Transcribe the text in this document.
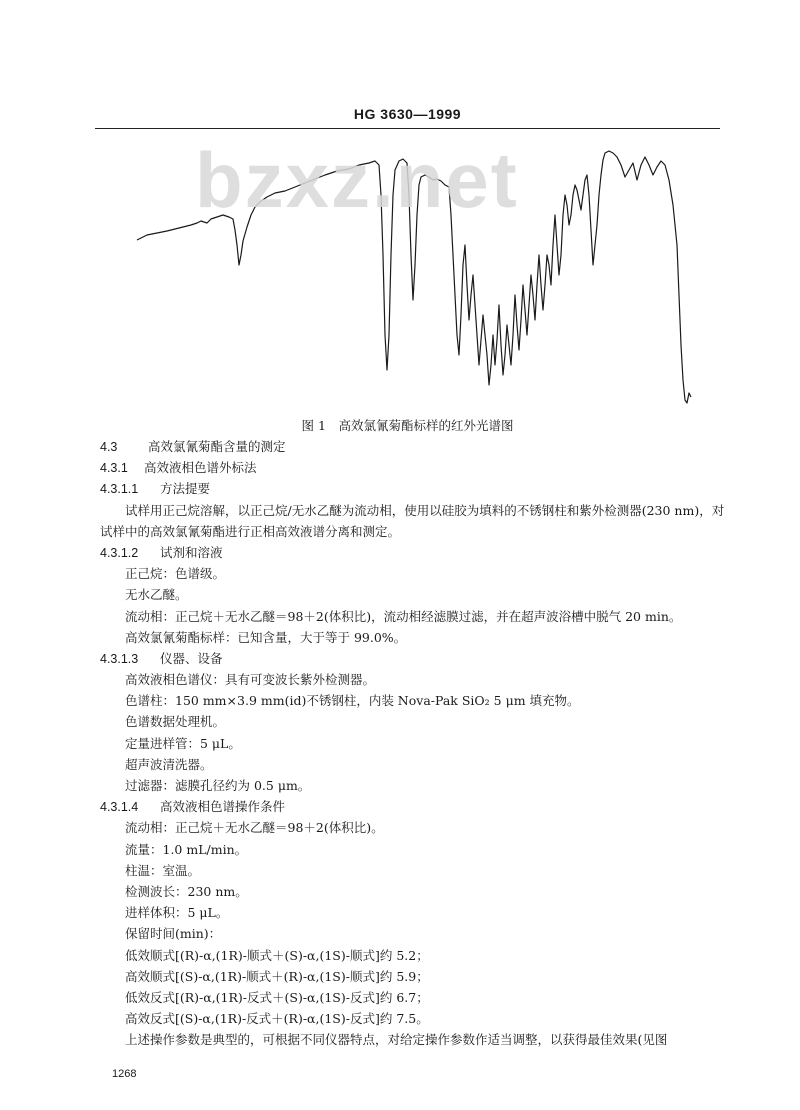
HG 3630—1999
bzxz.net
图 1　高效氯氰菊酯标样的红外光谱图
4.3 高效氯氰菊酯含量的测定
4.3.1 高效液相色谱外标法
4.3.1.1 方法提要
试样用正己烷溶解，以正己烷/无水乙醚为流动相，使用以硅胶为填料的不锈钢柱和紫外检测器(230 nm)，对试样中的高效氯氰菊酯进行正相高效液谱分离和测定。
4.3.1.2 试剂和溶液
正己烷：色谱级。
无水乙醚。
流动相：正己烷＋无水乙醚＝98＋2(体积比)，流动相经滤膜过滤，并在超声波浴槽中脱气 20 min。
高效氯氰菊酯标样：已知含量，大于等于 99.0%。
4.3.1.3 仪器、设备
高效液相色谱仪：具有可变波长紫外检测器。
色谱柱：150 mm×3.9 mm(id)不锈钢柱，内装 Nova-Pak SiO₂ 5 μm 填充物。
色谱数据处理机。
定量进样管：5 μL。
超声波清洗器。
过滤器：滤膜孔径约为 0.5 μm。
4.3.1.4 高效液相色谱操作条件
流动相：正己烷＋无水乙醚＝98＋2(体积比)。
流量：1.0 mL/min。
柱温：室温。
检测波长：230 nm。
进样体积：5 μL。
保留时间(min)：
低效顺式[(R)-α,(1R)-顺式＋(S)-α,(1S)-顺式]约 5.2；
高效顺式[(S)-α,(1R)-顺式＋(R)-α,(1S)-顺式]约 5.9；
低效反式[(R)-α,(1R)-反式＋(S)-α,(1S)-反式]约 6.7；
高效反式[(S)-α,(1R)-反式＋(R)-α,(1S)-反式]约 7.5。
上述操作参数是典型的，可根据不同仪器特点，对给定操作参数作适当调整，以获得最佳效果(见图
1268
